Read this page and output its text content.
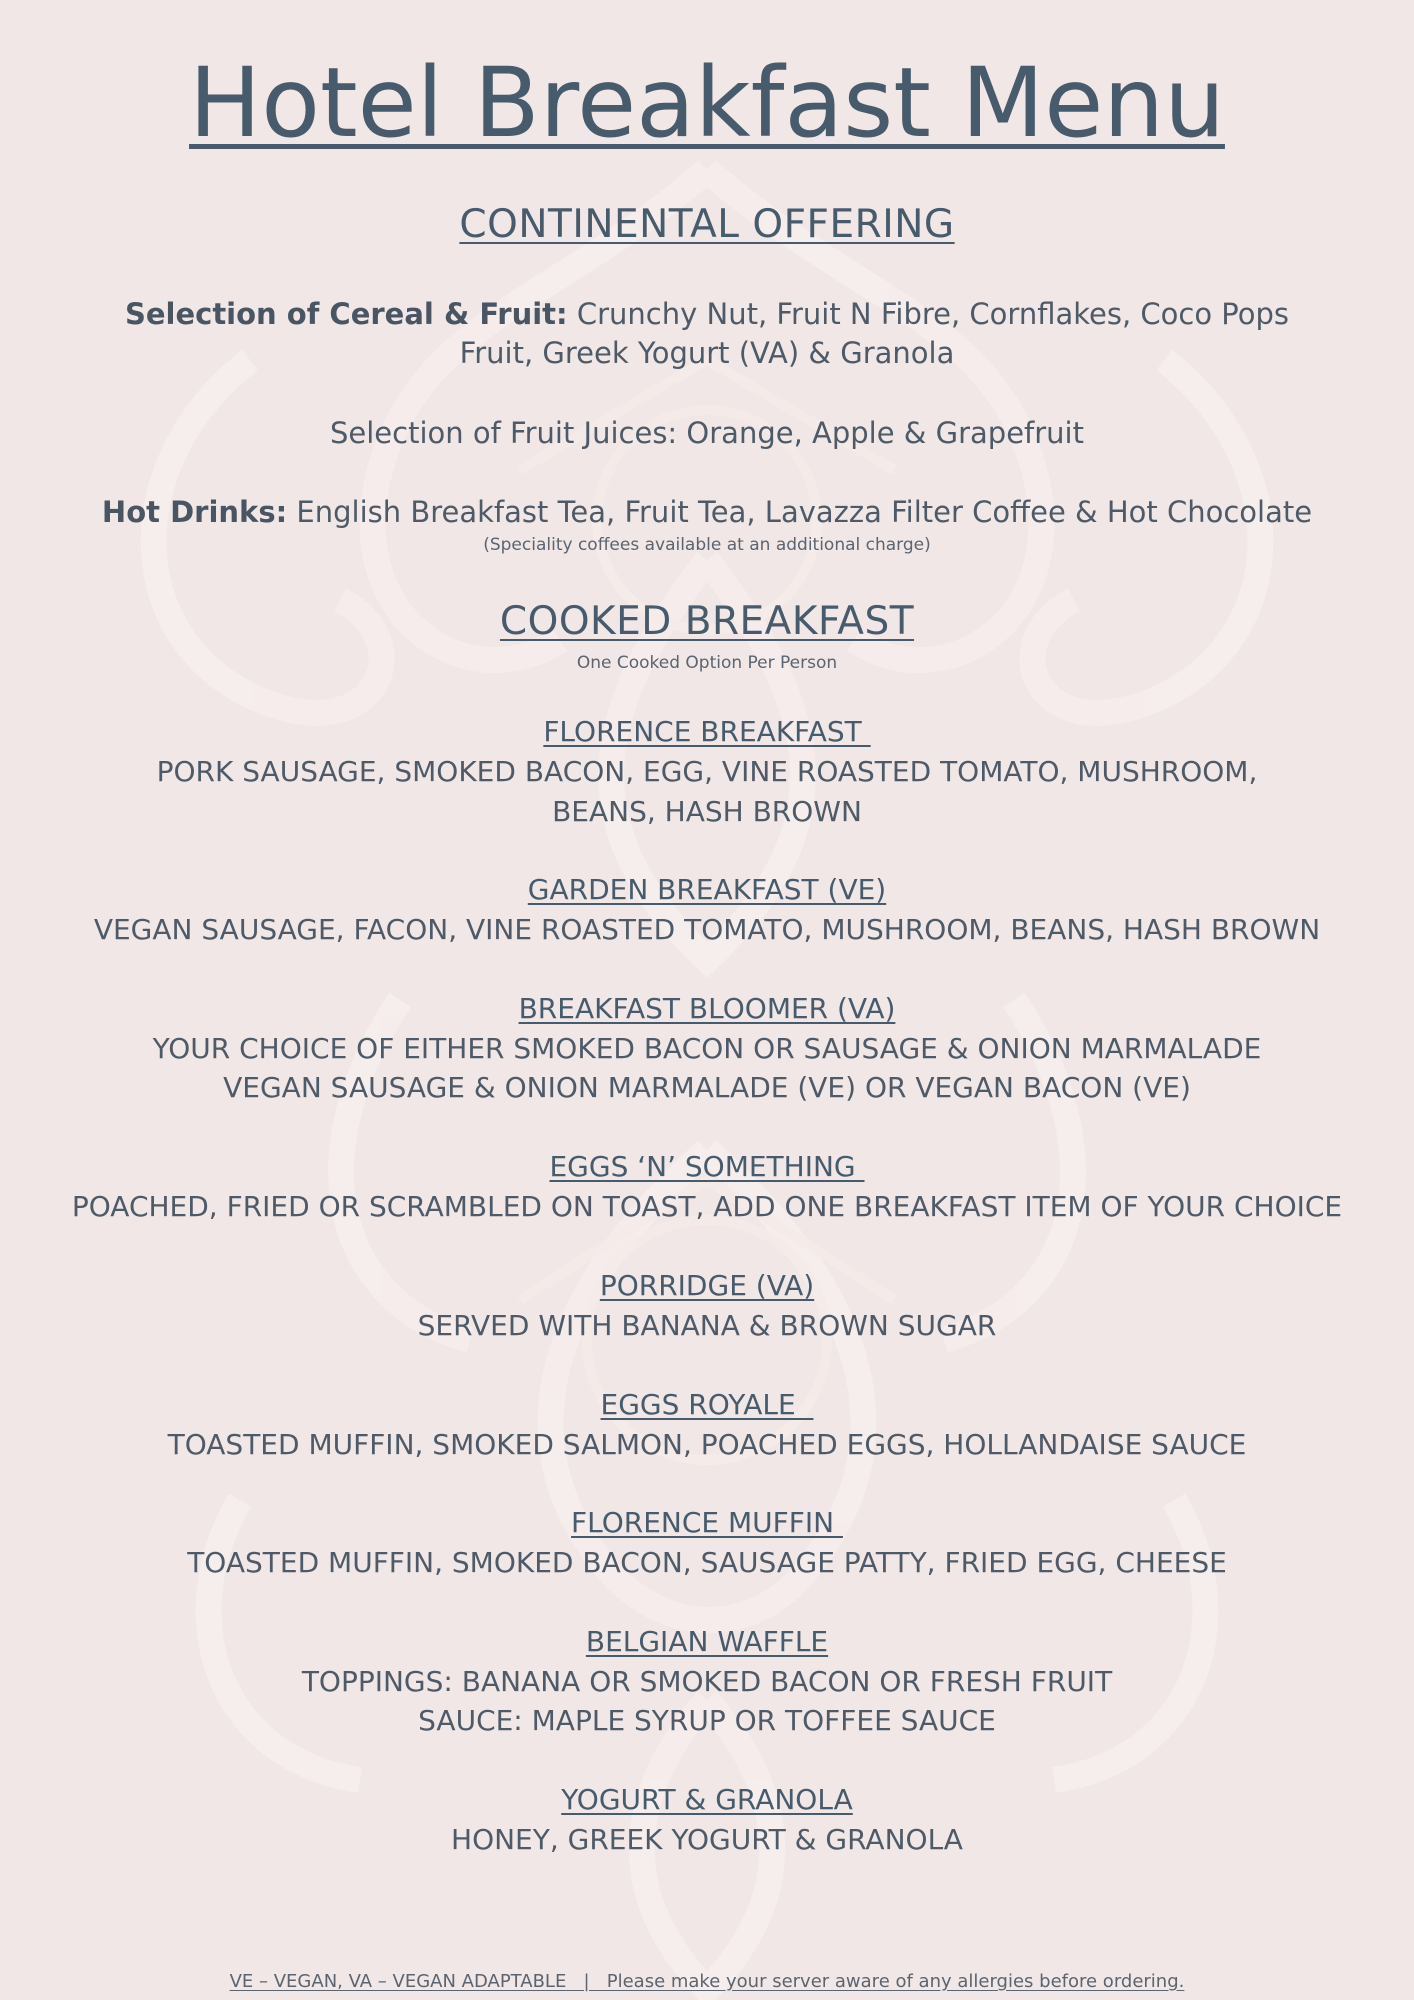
Hotel Breakfast Menu
CONTINENTAL OFFERING
Selection of Cereal & Fruit: Crunchy Nut, Fruit N Fibre, Cornflakes, Coco Pops
Fruit, Greek Yogurt (VA) & Granola
Selection of Fruit Juices: Orange, Apple & Grapefruit
Hot Drinks: English Breakfast Tea, Fruit Tea, Lavazza Filter Coffee & Hot Chocolate
(Speciality coffees available at an additional charge)
COOKED BREAKFAST
One Cooked Option Per Person
FLORENCE BREAKFAST
PORK SAUSAGE, SMOKED BACON, EGG, VINE ROASTED TOMATO, MUSHROOM,
BEANS, HASH BROWN
GARDEN BREAKFAST (VE)
VEGAN SAUSAGE, FACON, VINE ROASTED TOMATO, MUSHROOM, BEANS, HASH BROWN
BREAKFAST BLOOMER (VA)
YOUR CHOICE OF EITHER SMOKED BACON OR SAUSAGE & ONION MARMALADE
VEGAN SAUSAGE & ONION MARMALADE (VE) OR VEGAN BACON (VE)
EGGS ‘N’ SOMETHING
POACHED, FRIED OR SCRAMBLED ON TOAST, ADD ONE BREAKFAST ITEM OF YOUR CHOICE
PORRIDGE (VA)
SERVED WITH BANANA & BROWN SUGAR
EGGS ROYALE
TOASTED MUFFIN, SMOKED SALMON, POACHED EGGS, HOLLANDAISE SAUCE
FLORENCE MUFFIN
TOASTED MUFFIN, SMOKED BACON, SAUSAGE PATTY, FRIED EGG, CHEESE
BELGIAN WAFFLE
TOPPINGS: BANANA OR SMOKED BACON OR FRESH FRUIT
SAUCE: MAPLE SYRUP OR TOFFEE SAUCE
YOGURT & GRANOLA
HONEY, GREEK YOGURT & GRANOLA
VE – VEGAN, VA – VEGAN ADAPTABLE   |   Please make your server aware of any allergies before ordering.
